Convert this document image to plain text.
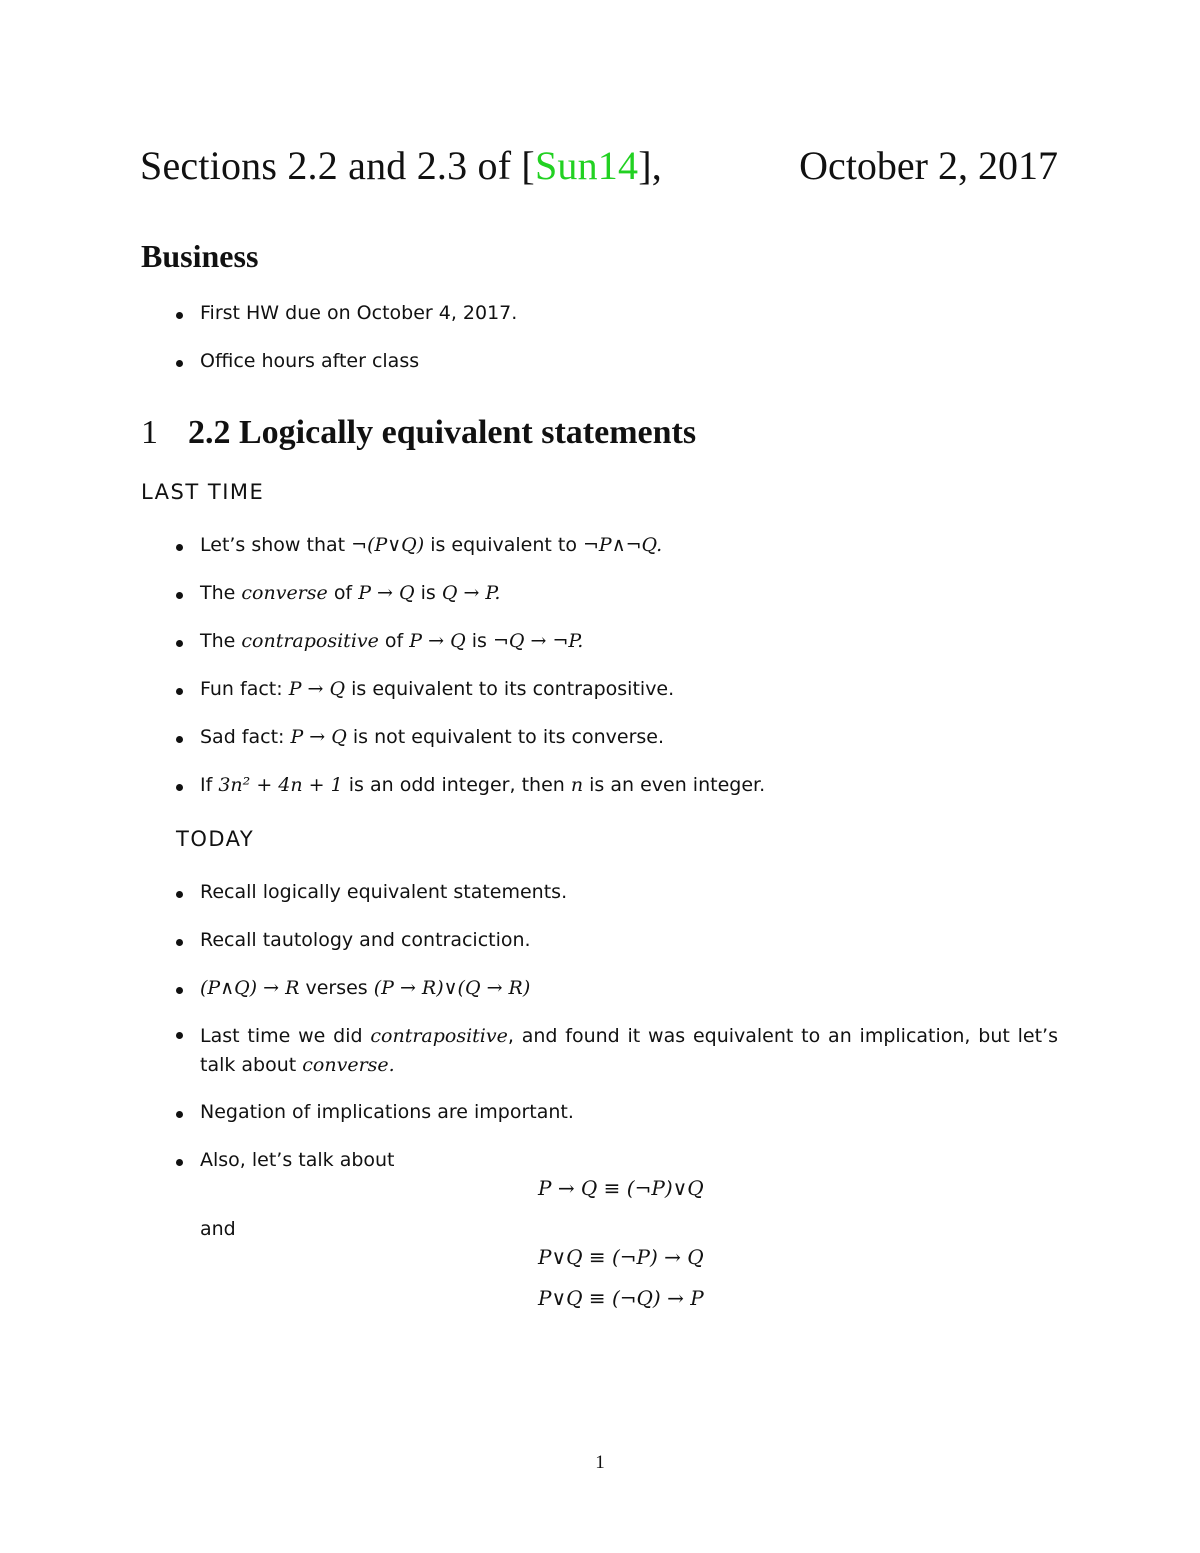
Sections 2.2 and 2.3 of [Sun14],	October 2, 2017
Business
First HW due on October 4, 2017.
Office hours after class
1 2.2 Logically equivalent statements
LAST TIME
Let’s show that ¬(P∨Q) is equivalent to ¬P∧¬Q.
The converse of P → Q is Q → P.
The contrapositive of P → Q is ¬Q → ¬P.
Fun fact: P → Q is equivalent to its contrapositive.
Sad fact: P → Q is not equivalent to its converse.
If 3n² + 4n + 1 is an odd integer, then n is an even integer.
TODAY
Recall logically equivalent statements.
Recall tautology and contraciction.
(P∧Q) → R verses (P → R)∨(Q → R)
Last time we did contrapositive, and found it was equivalent to an implication, but let’s talk about converse.
Negation of implications are important.
Also, let’s talk about
P → Q ≡ (¬P)∨Q
and
P∨Q ≡ (¬P) → Q
P∨Q ≡ (¬Q) → P
1
